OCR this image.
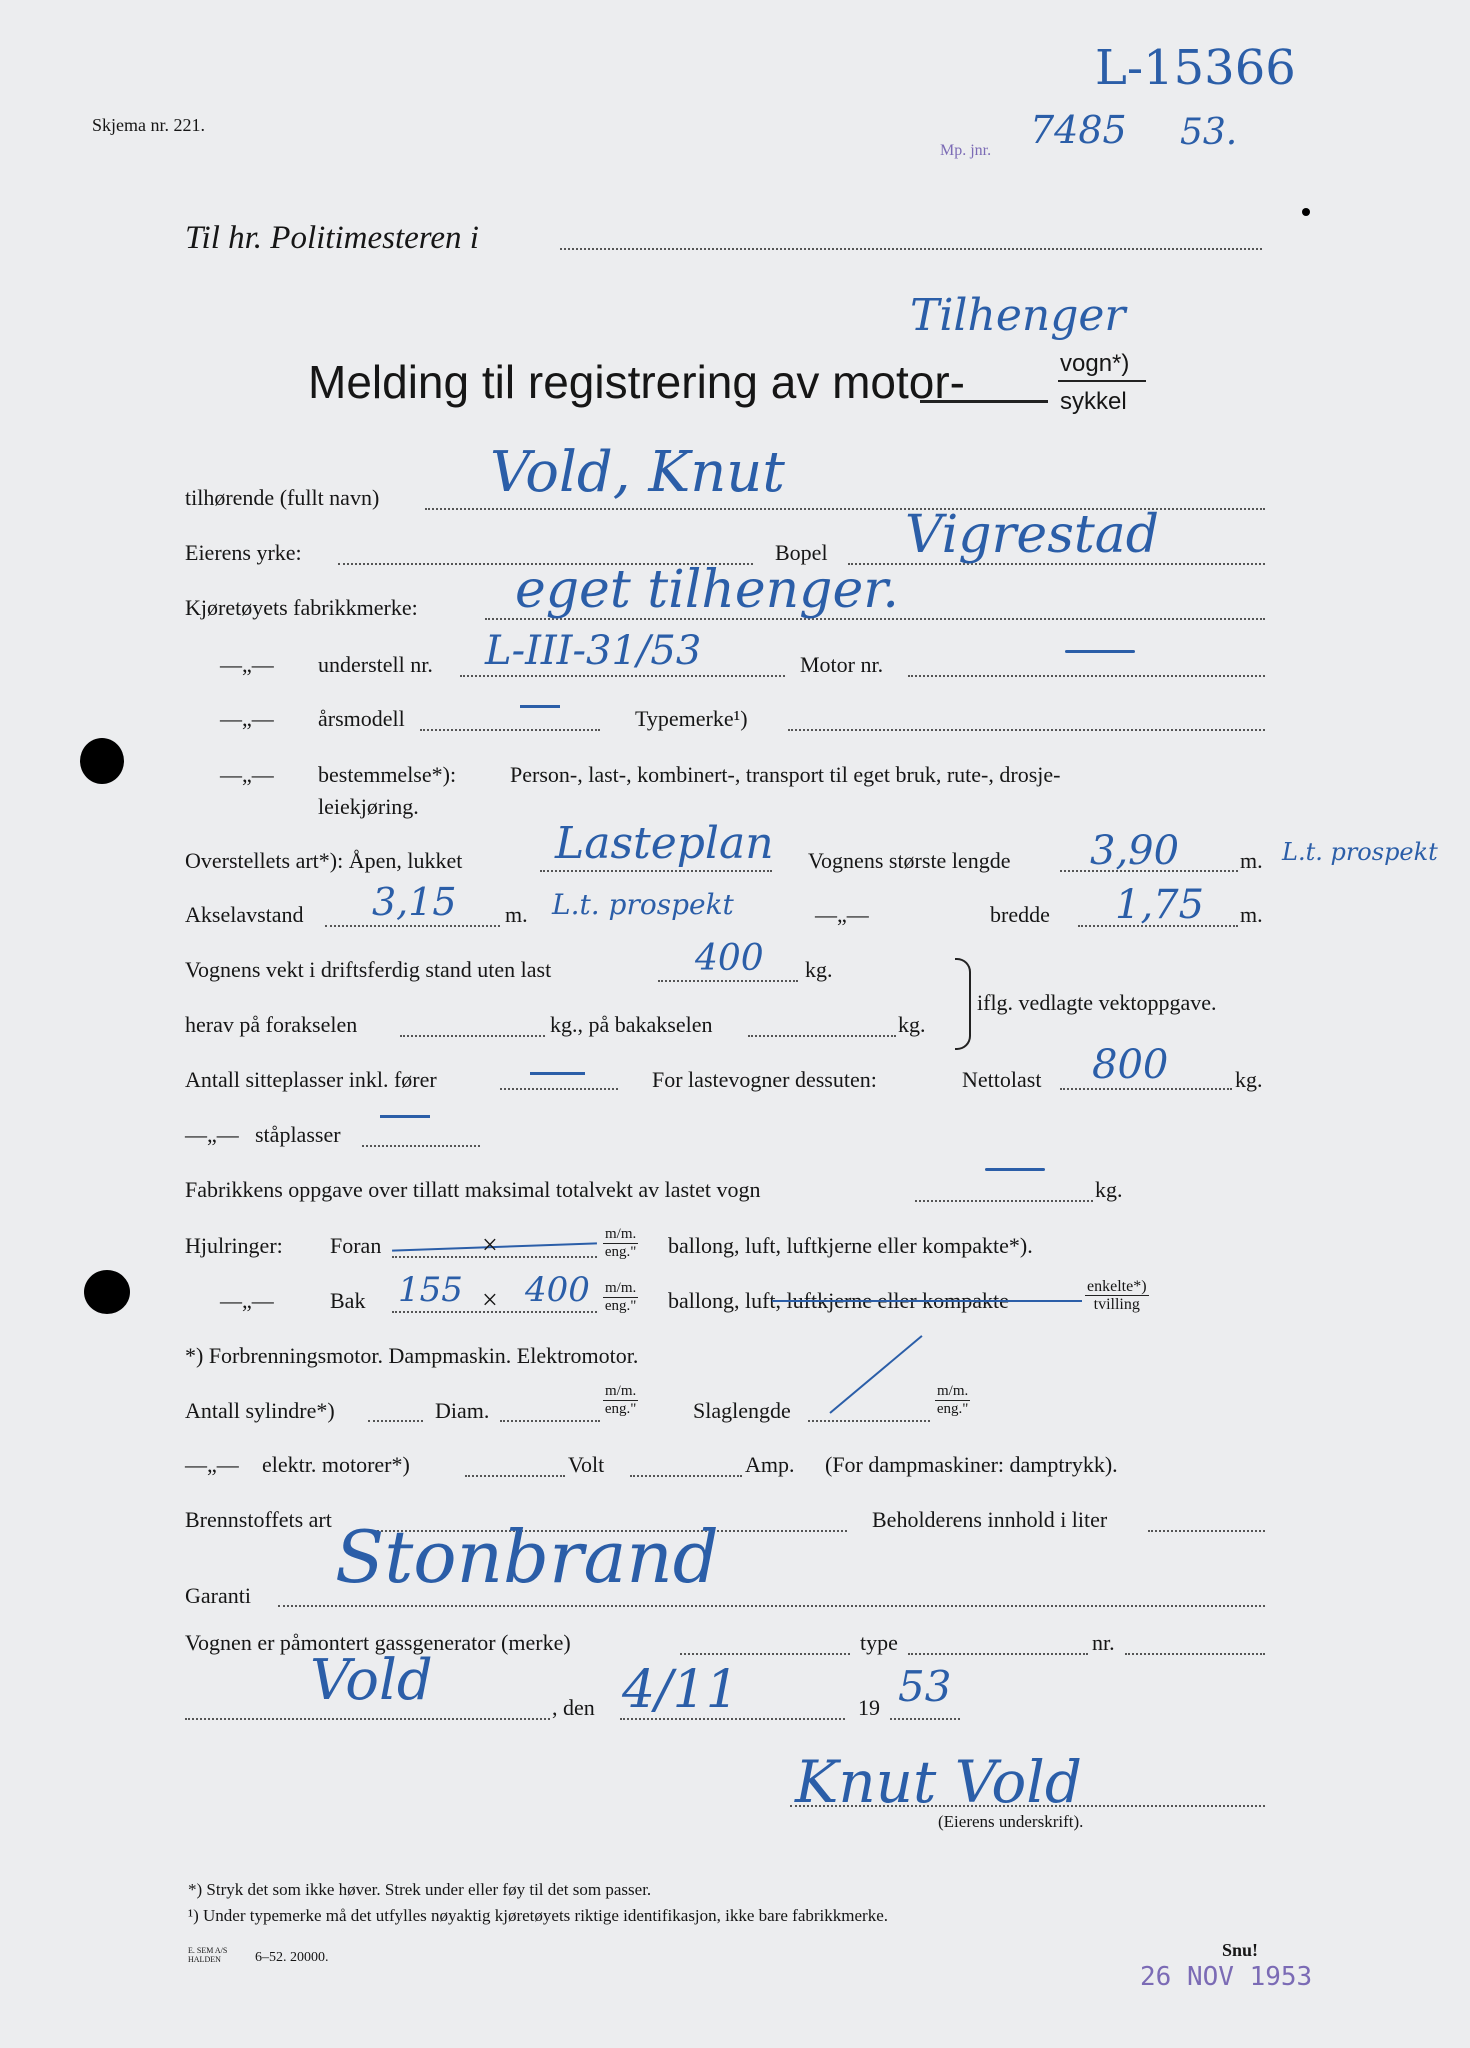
Skjema nr. 221.
L-15366
Mp. jnr. 7485 53.
Til hr. Politimesteren i
Tilhenger
Melding til registrering av motor-	vogn*)
sykkel
tilhørende (fullt navn) Vold, Knut
Eierens yrke:	Bopel Vigrestad
Kjøretøyets fabrikkmerke: eget tilhenger.
—„— understell nr. L-III-31/53	Motor nr.
—„— årsmodell	Typemerke¹)
—„— bestemmelse*): Person-, last-, kombinert-, transport til eget bruk, rute-, drosje-
leiekjøring.
Overstellets art*): Åpen, lukket Lasteplan Vognens største lengde 3,90	m. L.t. prospekt
Akselavstand 3,15 m. L.t. prospekt	—„—	bredde 1,75 m.
Vognens vekt i driftsferdig stand uten last	400 kg.
iflg. vedlagte vektoppgave.
herav på forakselen	kg., på bakakselen	kg.
Antall sitteplasser inkl. fører	For lastevogner dessuten:	Nettolast 800	kg.
—„— ståplasser
Fabrikkens oppgave over tillatt maksimal totalvekt av lastet vogn	kg.
Hjulringer: Foran	×	m/m.
eng." ballong, luft, luftkjerne eller kompakte*).
—„—	Bak 155 × 400 m/m.
eng." ballong, luft, luftkjerne eller kompakte
enkelte*)
tvilling
*) Forbrenningsmotor. Dampmaskin. Elektromotor.
Antall sylindre*)	Diam.
m/m.
eng."	Slaglengde
m/m.
eng."
—„— elektr. motorer*)	Volt	Amp. (For dampmaskiner: damptrykk).
Brennstoffets art	Beholderens innhold i liter
Stonbrand
Garanti
Vognen er påmontert gassgenerator (merke)	type	nr.
Vold	, den 4/11	19 53
Knut Vold
(Eierens underskrift).
*) Stryk det som ikke høver. Strek under eller føy til det som passer.
¹) Under typemerke må det utfylles nøyaktig kjøretøyets riktige identifikasjon, ikke bare fabrikkmerke.
E. SEM A/S HALDEN	6–52. 20000.	Snu!
26 NOV 1953
